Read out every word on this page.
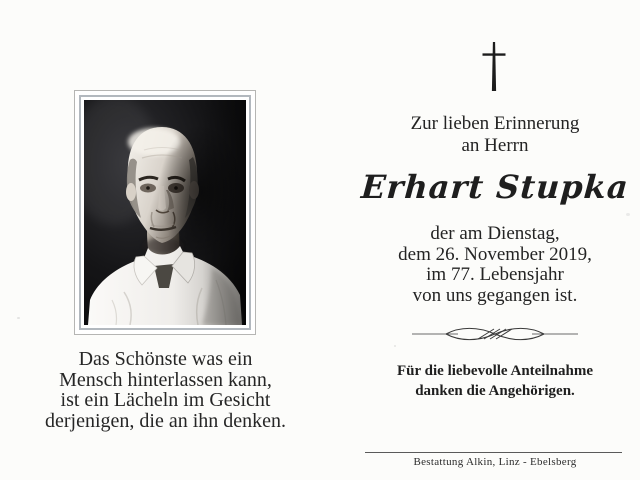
Das Schönste was ein
Mensch hinterlassen kann,
ist ein Lächeln im Gesicht
derjenigen, die an ihn denken.
Zur lieben Erinnerung
an Herrn
Erhart Stupka
der am Dienstag,
dem 26. November 2019,
im 77. Lebensjahr
von uns gegangen ist.
Für die liebevolle Anteilnahme
danken die Angehörigen.
Bestattung Alkin, Linz - Ebelsberg
